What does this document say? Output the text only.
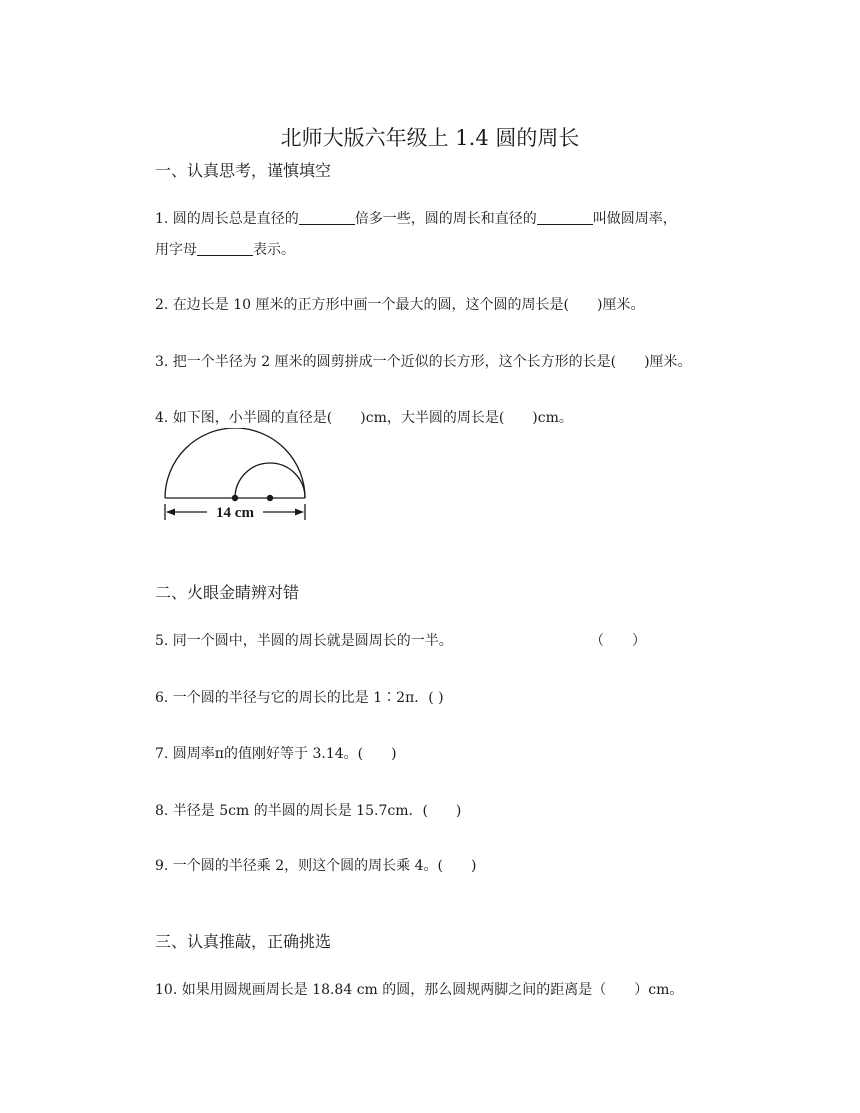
北师大版六年级上 1.4 圆的周长
一、认真思考，谨慎填空
1. 圆的周长总是直径的	倍多一些，圆的周长和直径的	叫做圆周率，
用字母	表示。
2. 在边长是 10 厘米的正方形中画一个最大的圆，这个圆的周长是(　　)厘米。
3. 把一个半径为 2 厘米的圆剪拼成一个近似的长方形，这个长方形的长是(　　)厘米。
4. 如下图，小半圆的直径是(　　)cm，大半圆的周长是(　　)cm。
14 cm
二、火眼金睛辨对错
5. 同一个圆中，半圆的周长就是圆周长的一半。	（　　）
6. 一个圆的半径与它的周长的比是 1∶2π．( )
7. 圆周率π的值刚好等于 3.14。(　　)
8. 半径是 5cm 的半圆的周长是 15.7cm．(　　)
9. 一个圆的半径乘 2，则这个圆的周长乘 4。(　　)
三、认真推敲，正确挑选
10. 如果用圆规画周长是 18.84 cm 的圆，那么圆规两脚之间的距离是（　　）cm。
